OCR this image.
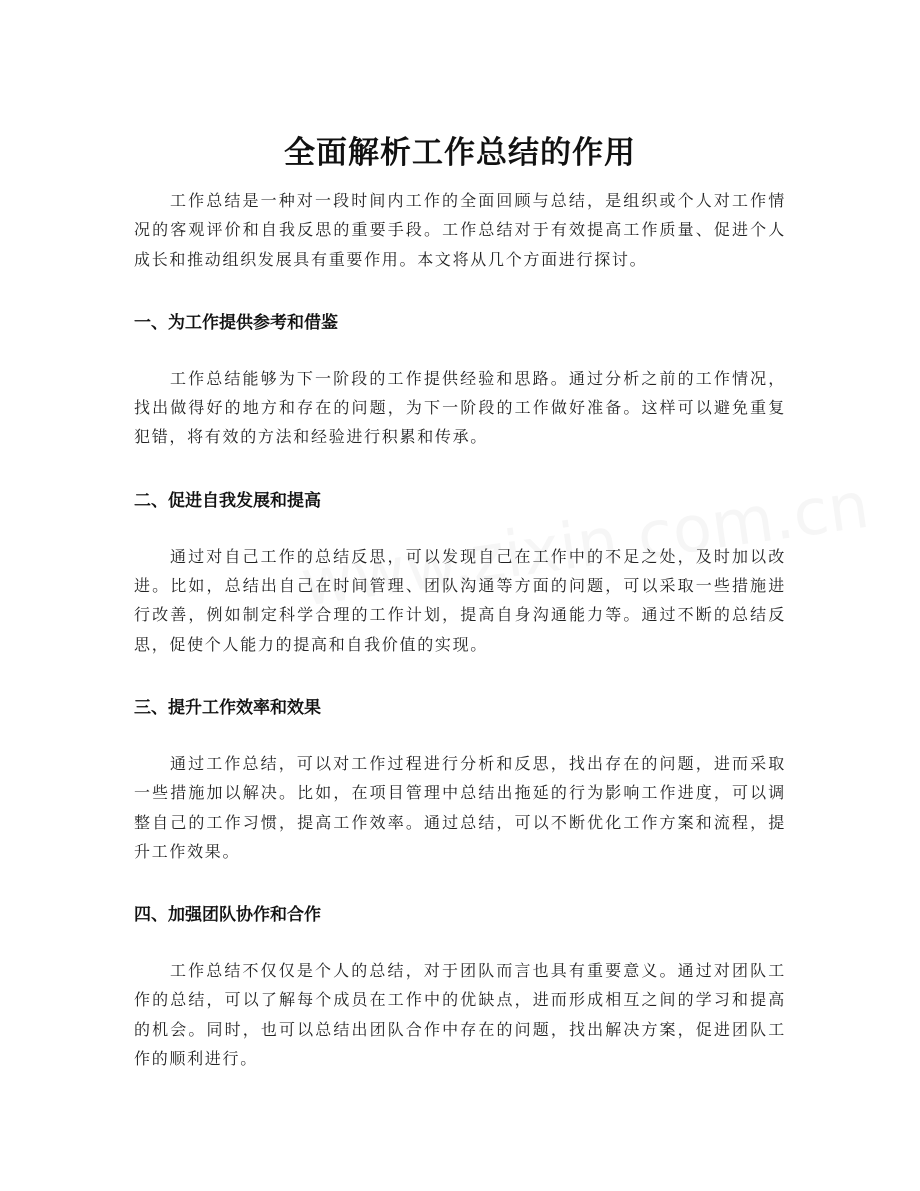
全面解析工作总结的作用

工作总结是一种对一段时间内工作的全面回顾与总结，是组织或个人对工作情况的客观评价和自我反思的重要手段。工作总结对于有效提高工作质量、促进个人成长和推动组织发展具有重要作用。本文将从几个方面进行探讨。

一、为工作提供参考和借鉴

工作总结能够为下一阶段的工作提供经验和思路。通过分析之前的工作情况，找出做得好的地方和存在的问题，为下一阶段的工作做好准备。这样可以避免重复犯错，将有效的方法和经验进行积累和传承。

二、促进自我发展和提高

通过对自己工作的总结反思，可以发现自己在工作中的不足之处，及时加以改进。比如，总结出自己在时间管理、团队沟通等方面的问题，可以采取一些措施进行改善，例如制定科学合理的工作计划，提高自身沟通能力等。通过不断的总结反思，促使个人能力的提高和自我价值的实现。

三、提升工作效率和效果

通过工作总结，可以对工作过程进行分析和反思，找出存在的问题，进而采取一些措施加以解决。比如，在项目管理中总结出拖延的行为影响工作进度，可以调整自己的工作习惯，提高工作效率。通过总结，可以不断优化工作方案和流程，提升工作效果。

四、加强团队协作和合作

工作总结不仅仅是个人的总结，对于团队而言也具有重要意义。通过对团队工作的总结，可以了解每个成员在工作中的优缺点，进而形成相互之间的学习和提高的机会。同时，也可以总结出团队合作中存在的问题，找出解决方案，促进团队工作的顺利进行。
